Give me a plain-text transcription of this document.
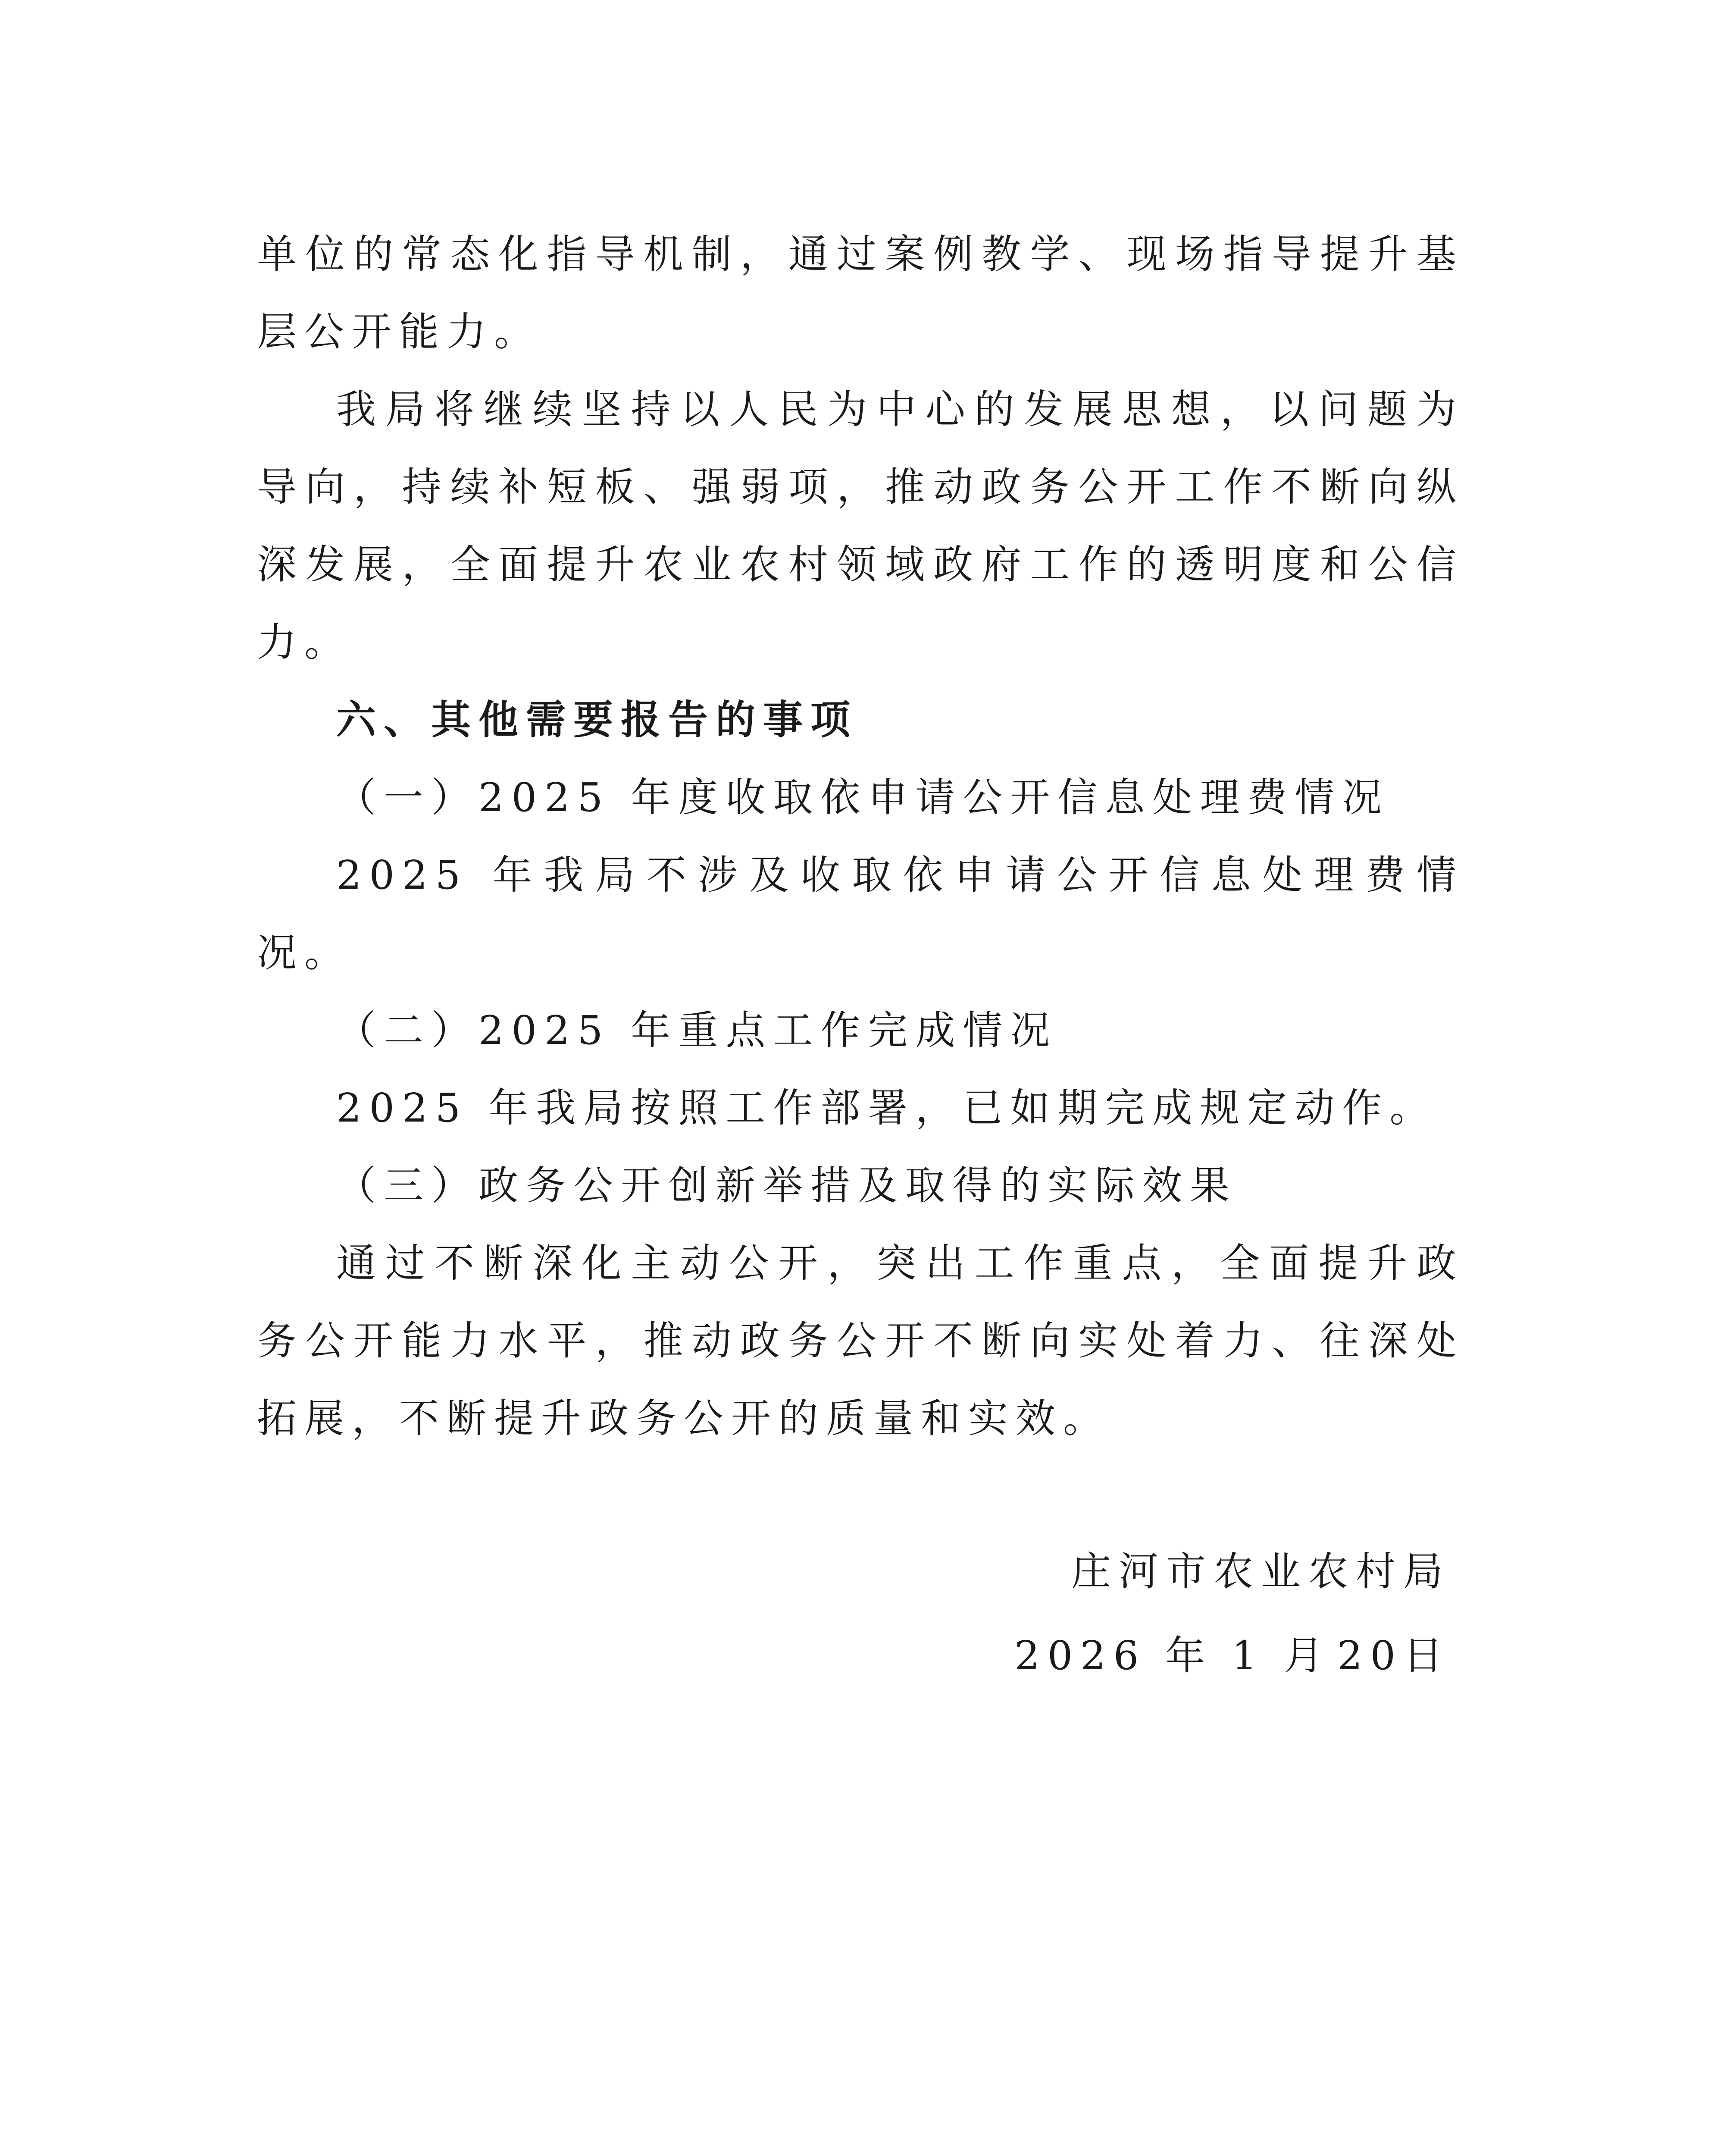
单位的常态化指导机制，通过案例教学、现场指导提升基层公开能力。

我局将继续坚持以人民为中心的发展思想，以问题为导向，持续补短板、强弱项，推动政务公开工作不断向纵深发展，全面提升农业农村领域政府工作的透明度和公信力。

六、其他需要报告的事项

（一）2025 年度收取依申请公开信息处理费情况

2025 年我局不涉及收取依申请公开信息处理费情况。

（二）2025 年重点工作完成情况

2025 年我局按照工作部署，已如期完成规定动作。

（三）政务公开创新举措及取得的实际效果

通过不断深化主动公开，突出工作重点，全面提升政务公开能力水平，推动政务公开不断向实处着力、往深处拓展，不断提升政务公开的质量和实效。

庄河市农业农村局
2026 年 1 月 20日
